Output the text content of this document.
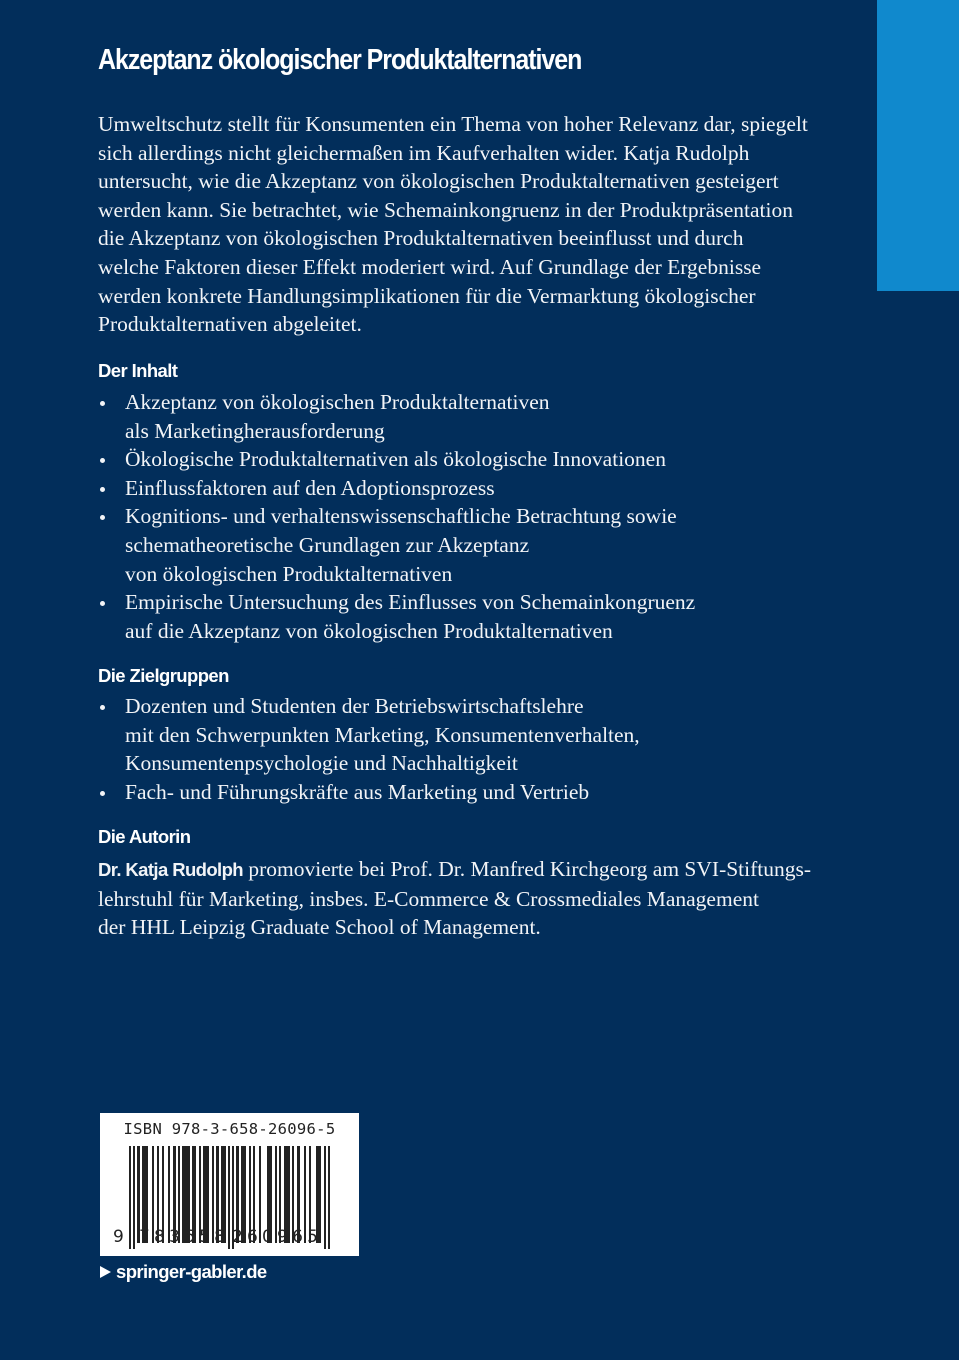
Akzeptanz ökologischer Produktalternativen

Umweltschutz stellt für Konsumenten ein Thema von hoher Relevanz dar, spiegelt
sich allerdings nicht gleichermaßen im Kaufverhalten wider. Katja Rudolph
untersucht, wie die Akzeptanz von ökologischen Produktalternativen gesteigert
werden kann. Sie betrachtet, wie Schemainkongruenz in der Produktpräsentation
die Akzeptanz von ökologischen Produktalternativen beeinflusst und durch
welche Faktoren dieser Effekt moderiert wird. Auf Grundlage der Ergebnisse
werden konkrete Handlungsimplikationen für die Vermarktung ökologischer
Produktalternativen abgeleitet.

Der Inhalt
Akzeptanz von ökologischen Produktalternativen
als Marketingherausforderung
Ökologische Produktalternativen als ökologische Innovationen
Einflussfaktoren auf den Adoptionsprozess
Kognitions- und verhaltenswissenschaftliche Betrachtung sowie
schematheoretische Grundlagen zur Akzeptanz
von ökologischen Produktalternativen
Empirische Untersuchung des Einflusses von Schemainkongruenz
auf die Akzeptanz von ökologischen Produktalternativen
Die Zielgruppen
Dozenten und Studenten der Betriebswirtschaftslehre
mit den Schwerpunkten Marketing, Konsumentenverhalten,
Konsumentenpsychologie und Nachhaltigkeit
Fach- und Führungskräfte aus Marketing und Vertrieb
Die Autorin

Dr. Katja Rudolph promovierte bei Prof. Dr. Manfred Kirchgeorg am SVI-Stiftungs-
lehrstuhl für Marketing, insbes. E-Commerce & Crossmediales Management
der HHL Leipzig Graduate School of Management.

ISBN 978-3-658-26096-5

9 783658 260965
springer-gabler.de
